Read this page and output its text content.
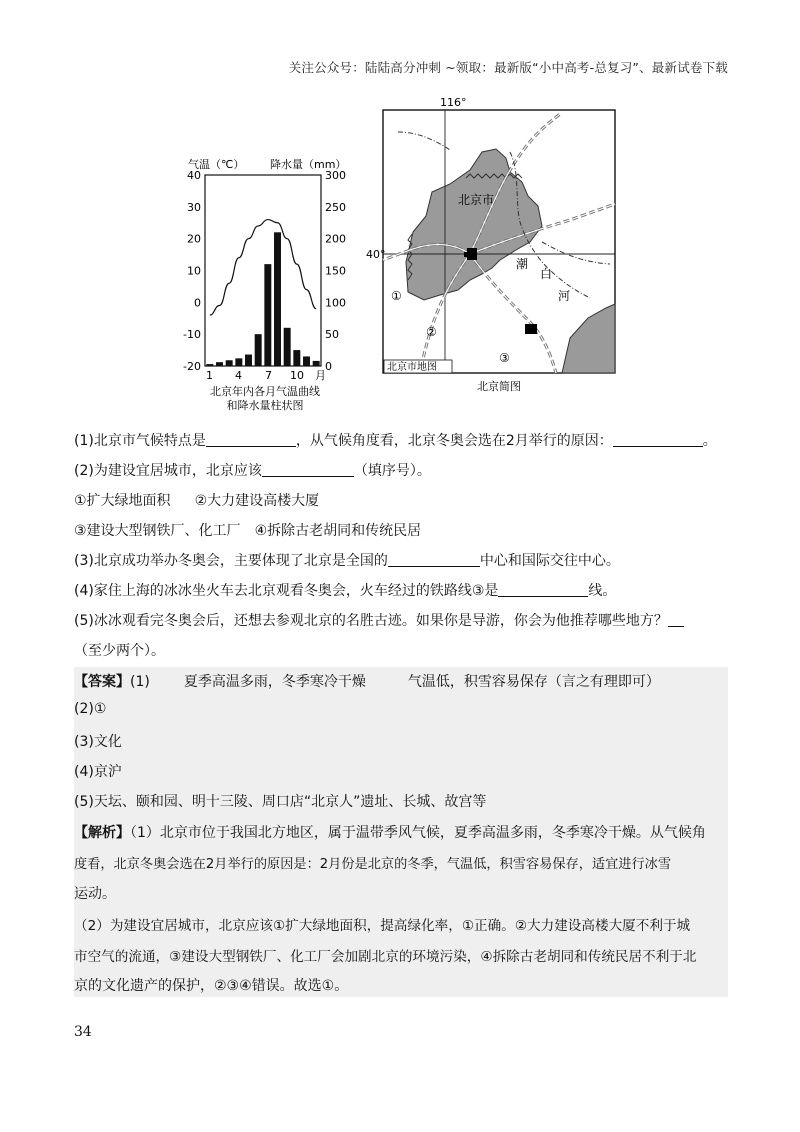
关注公众号：陆陆高分冲刺 ~领取：最新版“小中高考-总复习”、最新试卷下载
气温（℃） 降水量（mm）
40
30
20
10
0
-10
-20
300
250
200
150
100
50
0
1 4 7 10 月
北京年内各月气温曲线
和降水量柱状图
116°
40°
北京市
潮
白
河
①
②
③
北京市地图
北京简图
(1)北京市气候特点是	，从气候角度看，北京冬奥会选在2月举行的原因：	。
(2)为建设宜居城市，北京应该	（填序号）。
①扩大绿地面积 ②大力建设高楼大厦
③建设大型钢铁厂、化工厂 ④拆除古老胡同和传统民居
(3)北京成功举办冬奥会，主要体现了北京是全国的	中心和国际交往中心。
(4)家住上海的冰冰坐火车去北京观看冬奥会，火车经过的铁路线③是	线。
(5)冰冰观看完冬奥会后，还想去参观北京的名胜古迹。如果你是导游，你会为他推荐哪些地方？
（至少两个）。
【答案】(1) 夏季高温多雨，冬季寒冷干燥	气温低，积雪容易保存（言之有理即可）
(2)①
(3)文化
(4)京沪
(5)天坛、颐和园、明十三陵、周口店“北京人”遗址、长城、故宫等
【解析】（1）北京市位于我国北方地区，属于温带季风气候，夏季高温多雨，冬季寒冷干燥。从气候角
度看，北京冬奥会选在2月举行的原因是：2月份是北京的冬季，气温低，积雪容易保存，适宜进行冰雪
运动。
（2）为建设宜居城市，北京应该①扩大绿地面积，提高绿化率，①正确。②大力建设高楼大厦不利于城
市空气的流通，③建设大型钢铁厂、化工厂会加剧北京的环境污染，④拆除古老胡同和传统民居不利于北
京的文化遗产的保护，②③④错误。故选①。
34
